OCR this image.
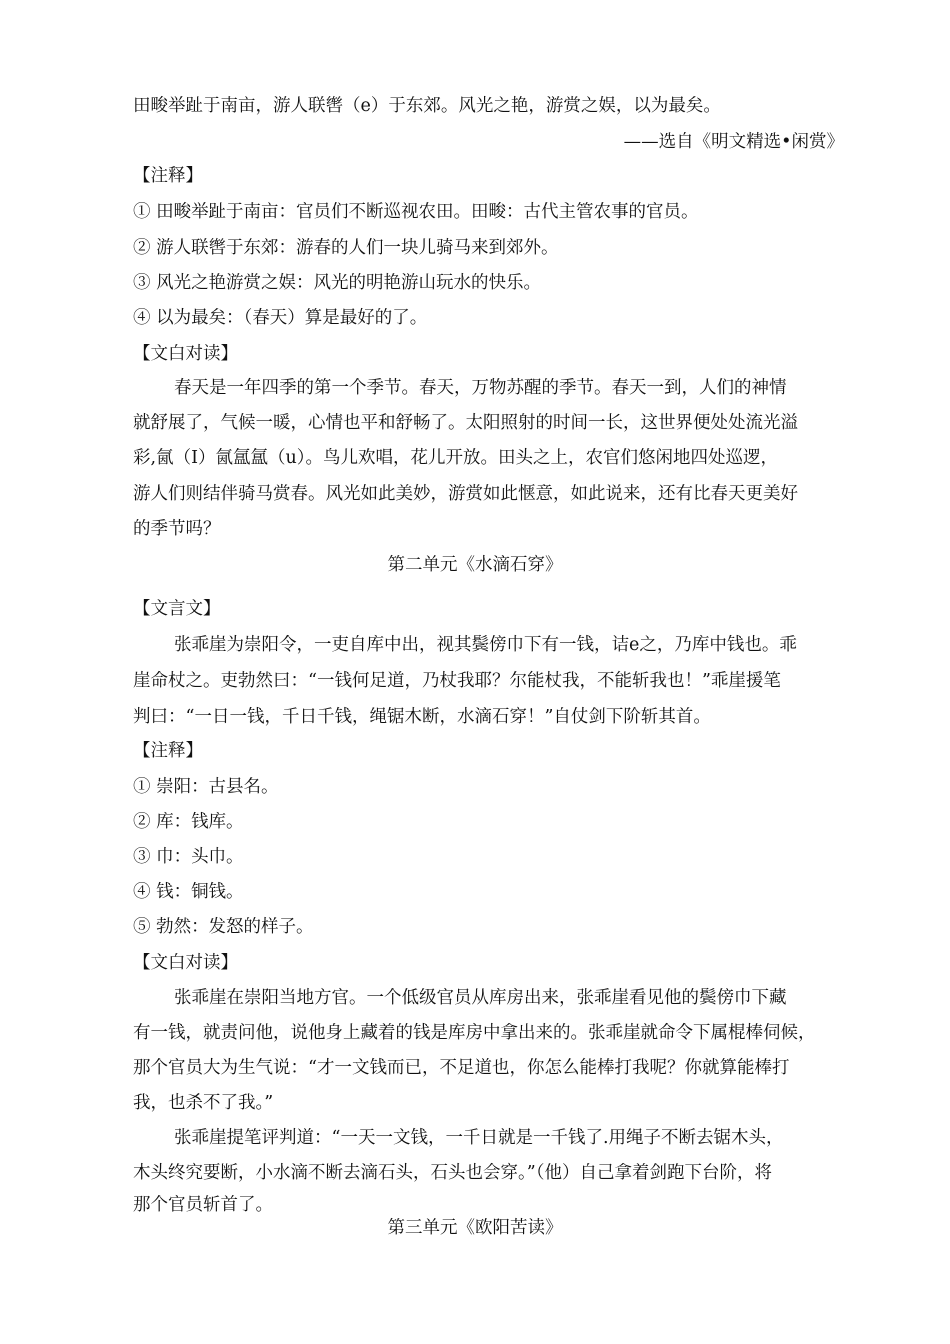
田畯举趾于南亩，游人联辔（e）于东郊。风光之艳，游赏之娱，以为最矣。
——选自《明文精选•闲赏》
【注释】
① 田畯举趾于南亩：官员们不断巡视农田。田畯：古代主管农事的官员。
② 游人联辔于东郊：游春的人们一块儿骑马来到郊外。
③ 风光之艳游赏之娱：风光的明艳游山玩水的快乐。
④ 以为最矣：（春天）算是最好的了。
【文白对读】
春天是一年四季的第一个季节。春天，万物苏醒的季节。春天一到，人们的神情
就舒展了，气候一暖，心情也平和舒畅了。太阳照射的时间一长，这世界便处处流光溢
彩,氤（I）氤氲氲（u）。鸟儿欢唱，花儿开放。田头之上，农官们悠闲地四处巡逻，
游人们则结伴骑马赏春。风光如此美妙，游赏如此惬意，如此说来，还有比春天更美好
的季节吗？
第二单元《水滴石穿》
【文言文】
张乖崖为崇阳令，一吏自库中出，视其鬓傍巾下有一钱，诘e之，乃库中钱也。乖
崖命杖之。吏勃然曰：“一钱何足道，乃杖我耶？尔能杖我，不能斩我也！”乖崖援笔
判曰：“一日一钱，千日千钱，绳锯木断，水滴石穿！”自仗剑下阶斩其首。
【注释】
① 崇阳：古县名。
② 库：钱库。
③ 巾：头巾。
④ 钱：铜钱。
⑤ 勃然：发怒的样子。
【文白对读】
张乖崖在崇阳当地方官。一个低级官员从库房出来，张乖崖看见他的鬓傍巾下藏
有一钱，就责问他，说他身上藏着的钱是库房中拿出来的。张乖崖就命令下属棍棒伺候，
那个官员大为生气说：“才一文钱而已，不足道也，你怎么能棒打我呢？你就算能棒打
我，也杀不了我。”
张乖崖提笔评判道：“一天一文钱，一千日就是一千钱了.用绳子不断去锯木头，
木头终究要断，小水滴不断去滴石头，石头也会穿。”（他）自己拿着剑跑下台阶，将
那个官员斩首了。
第三单元《欧阳苦读》
